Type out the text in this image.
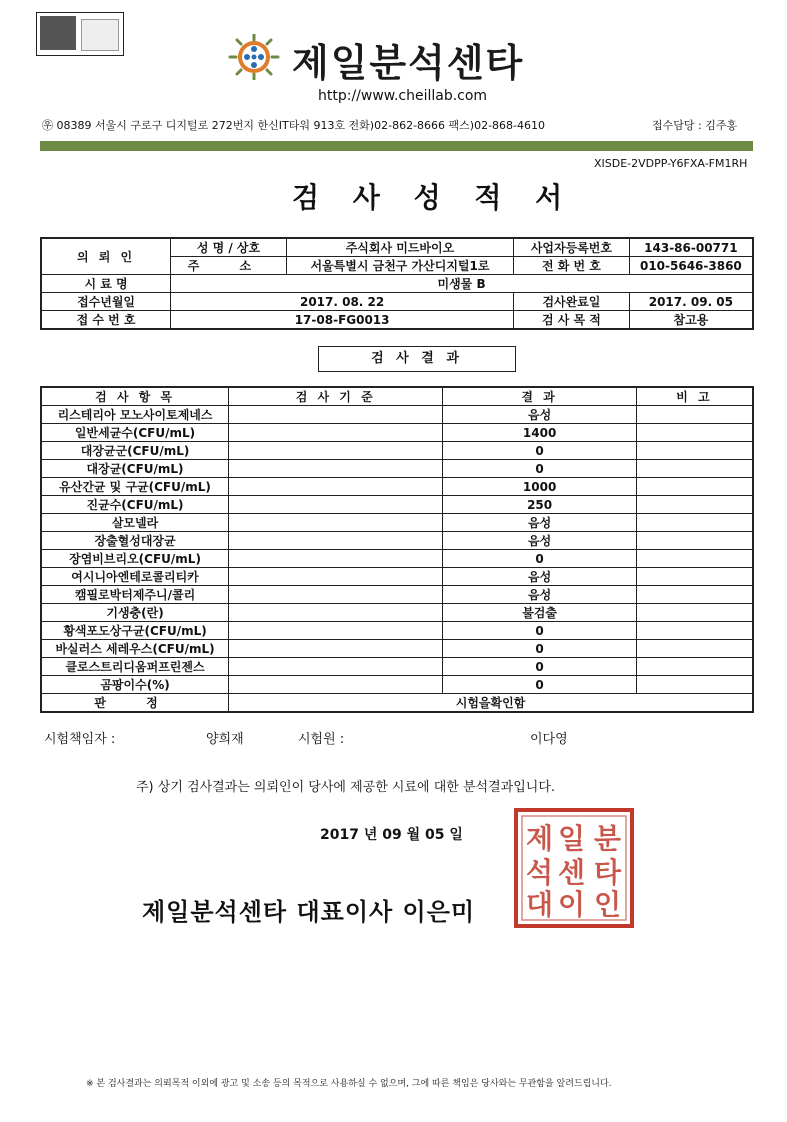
제일분석센타
http://www.cheillab.com
㉾ 08389 서울시 구로구 디지털로 272번지 한신IT타워 913호 전화)02-862-8666 팩스)02-868-4610	접수담당 : 김주홍
XISDE-2VDPP-Y6FXA-FM1RH
검 사 성 적 서
의 뢰 인	성 명 / 상호	주식회사 미드바이오	사업자등록번호	143-86-00771
	주 소	서울특별시 금천구 가산디지털1로	전 화 번 호	010-5646-3860
시 료 명	미생물 B			
접수년월일	2017. 08. 22		검사완료일	2017. 09. 05
접 수 번 호	17-08-FG0013		검 사 목 적	참고용
검 사 결 과
검 사 항 목	검 사 기 준	결 과	비 고
리스테리아 모노사이토제네스		음성	
일반세균수(CFU/mL)		1400	
대장균군(CFU/mL)		0	
대장균(CFU/mL)		0	
유산간균 및 구균(CFU/mL)		1000	
진균수(CFU/mL)		250	
살모넬라		음성	
장출혈성대장균		음성	
장염비브리오(CFU/mL)		0	
여시니아엔테로콜리티카		음성	
캠필로박터제주니/콜리		음성	
기생충(란)		불검출	
황색포도상구균(CFU/mL)		0	
바실러스 세레우스(CFU/mL)		0	
클로스트리디움퍼프린젠스		0	
곰팡이수(%)		0	
판 정	시험을확인함		
시험책임자 :	양희재	시험원 :	이다영
주) 상기 검사결과는 의뢰인이 당사에 제공한 시료에 대한 분석결과입니다.
2017 년 09 월 05 일
제일분석센타 대표이사 이은미
분
타
인
일
센
이
제
석
대
※ 본 검사결과는 의뢰목적 이외에 광고 및 소송 등의 목적으로 사용하실 수 없으며, 그에 따른 책임은 당사와는 무관함을 알려드립니다.
